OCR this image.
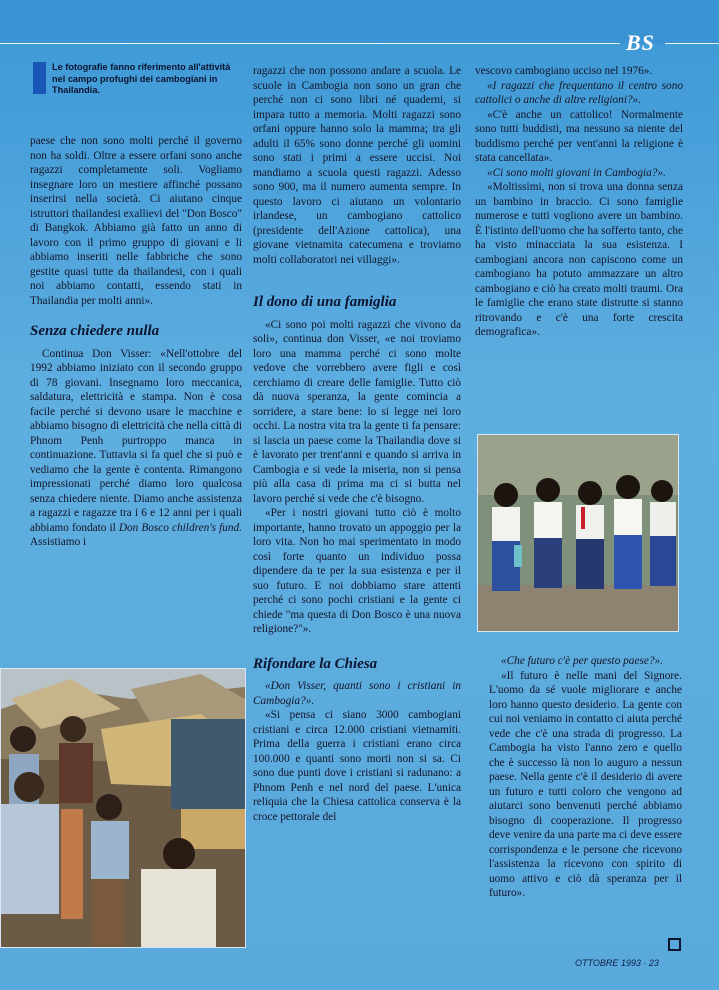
BS
Le fotografie fanno riferimento all'attività nel campo profughi dei cambogiani in Thailandia.

paese che non sono molti perché il governo non ha soldi. Oltre a essere orfani sono anche ragazzi completamente soli. Vogliamo insegnare loro un mestiere affinché possano inserirsi nella società. Ci aiutano cinque istruttori thailandesi exallievi del "Don Bosco" di Bangkok. Abbiamo già fatto un anno di lavoro con il primo gruppo di giovani e li abbiamo inseriti nelle fabbriche che sono gestite quasi tutte da thailandesi, con i quali noi abbiamo contatti, essendo stati in Thailandia per molti anni».

Senza chiedere nulla

Continua Don Visser: «Nell'ottobre del 1992 abbiamo iniziato con il secondo gruppo di 78 giovani. Insegnamo loro meccanica, saldatura, elettricità e stampa. Non è cosa facile perché si devono usare le macchine e abbiamo bisogno di elettricità che nella città di Phnom Penh purtroppo manca in continuazione. Tuttavia si fa quel che si può e vediamo che la gente è contenta. Rimangono impressionati perché diamo loro qualcosa senza chiedere niente. Diamo anche assistenza a ragazzi e ragazze tra i 6 e 12 anni per i quali abbiamo fondato il Don Bosco children's fund. Assistiamo i

ragazzi che non possono andare a scuola. Le scuole in Cambogia non sono un gran che perché non ci sono libri né quaderni, si impara tutto a memoria. Molti ragazzi sono orfani oppure hanno solo la mamma; tra gli adulti il 65% sono donne perché gli uomini sono stati i primi a essere uccisi. Noi mandiamo a scuola questi ragazzi. Adesso sono 900, ma il numero aumenta sempre. In questo lavoro ci aiutano un volontario irlandese, un cambogiano cattolico (presidente dell'Azione cattolica), una giovane vietnamita catecumena e troviamo molti collaboratori nei villaggi».

Il dono di una famiglia

«Ci sono poi molti ragazzi che vivono da soli», continua don Visser, «e noi troviamo loro una mamma perché ci sono molte vedove che vorrebbero avere figli e così cerchiamo di creare delle famiglie. Tutto ciò dà nuova speranza, la gente comincia a sorridere, a stare bene: lo si legge nei loro occhi. La nostra vita tra la gente ti fa pensare: si lascia un paese come la Thailandia dove si è lavorato per trent'anni e quando si arriva in Cambogia e si vede la miseria, non si pensa più alla casa di prima ma ci si butta nel lavoro perché si vede che c'è bisogno.

«Per i nostri giovani tutto ciò è molto importante, hanno trovato un appoggio per la loro vita. Non ho mai sperimentato in modo così forte quanto un individuo possa dipendere da te per la sua esistenza e per il suo futuro. E noi dobbiamo stare attenti perché ci sono pochi cristiani e la gente ci chiede "ma questa di Don Bosco è una nuova religione?"».

Rifondare la Chiesa

«Don Visser, quanti sono i cristiani in Cambogia?».

«Si pensa ci siano 3000 cambogiani cristiani e circa 12.000 cristiani vietnamiti. Prima della guerra i cristiani erano circa 100.000 e quanti sono morti non si sa. Ci sono due punti dove i cristiani si radunano: a Phnom Penh e nel nord del paese. L'unica reliquia che la Chiesa cattolica conserva è la croce pettorale del

vescovo cambogiano ucciso nel 1976».

«I ragazzi che frequentano il centro sono cattolici o anche di altre religioni?».

«C'è anche un cattolico! Normalmente sono tutti buddisti, ma nessuno sa niente del buddismo perché per vent'anni la religione è stata cancellata».

«Ci sono molti giovani in Cambogia?».

«Moltissimi, non si trova una donna senza un bambino in braccio. Ci sono famiglie numerose e tutti vogliono avere un bambino. È l'istinto dell'uomo che ha sofferto tanto, che ha visto minacciata la sua esistenza. I cambogiani ancora non capiscono come un cambogiano ha potuto ammazzare un altro cambogiano e ciò ha creato molti traumi. Ora le famiglie che erano state distrutte si stanno ritrovando e c'è una forte crescita demografica».

«Che futuro c'è per questo paese?».

«Il futuro è nelle mani del Signore. L'uomo da sé vuole migliorare e anche loro hanno questo desiderio. La gente con cui noi veniamo in contatto ci aiuta perché vede che c'è una strada di progresso. La Cambogia ha visto l'anno zero e quello che è successo là non lo auguro a nessun paese. Nella gente c'è il desiderio di avere un futuro e tutti coloro che vengono ad aiutarci sono benvenuti perché abbiamo bisogno di cooperazione. Il progresso deve venire da una parte ma ci deve essere corrispondenza e le persone che ricevono l'assistenza la ricevono con spirito di uomo attivo e ciò dà speranza per il futuro».

OTTOBRE 1993 · 23
